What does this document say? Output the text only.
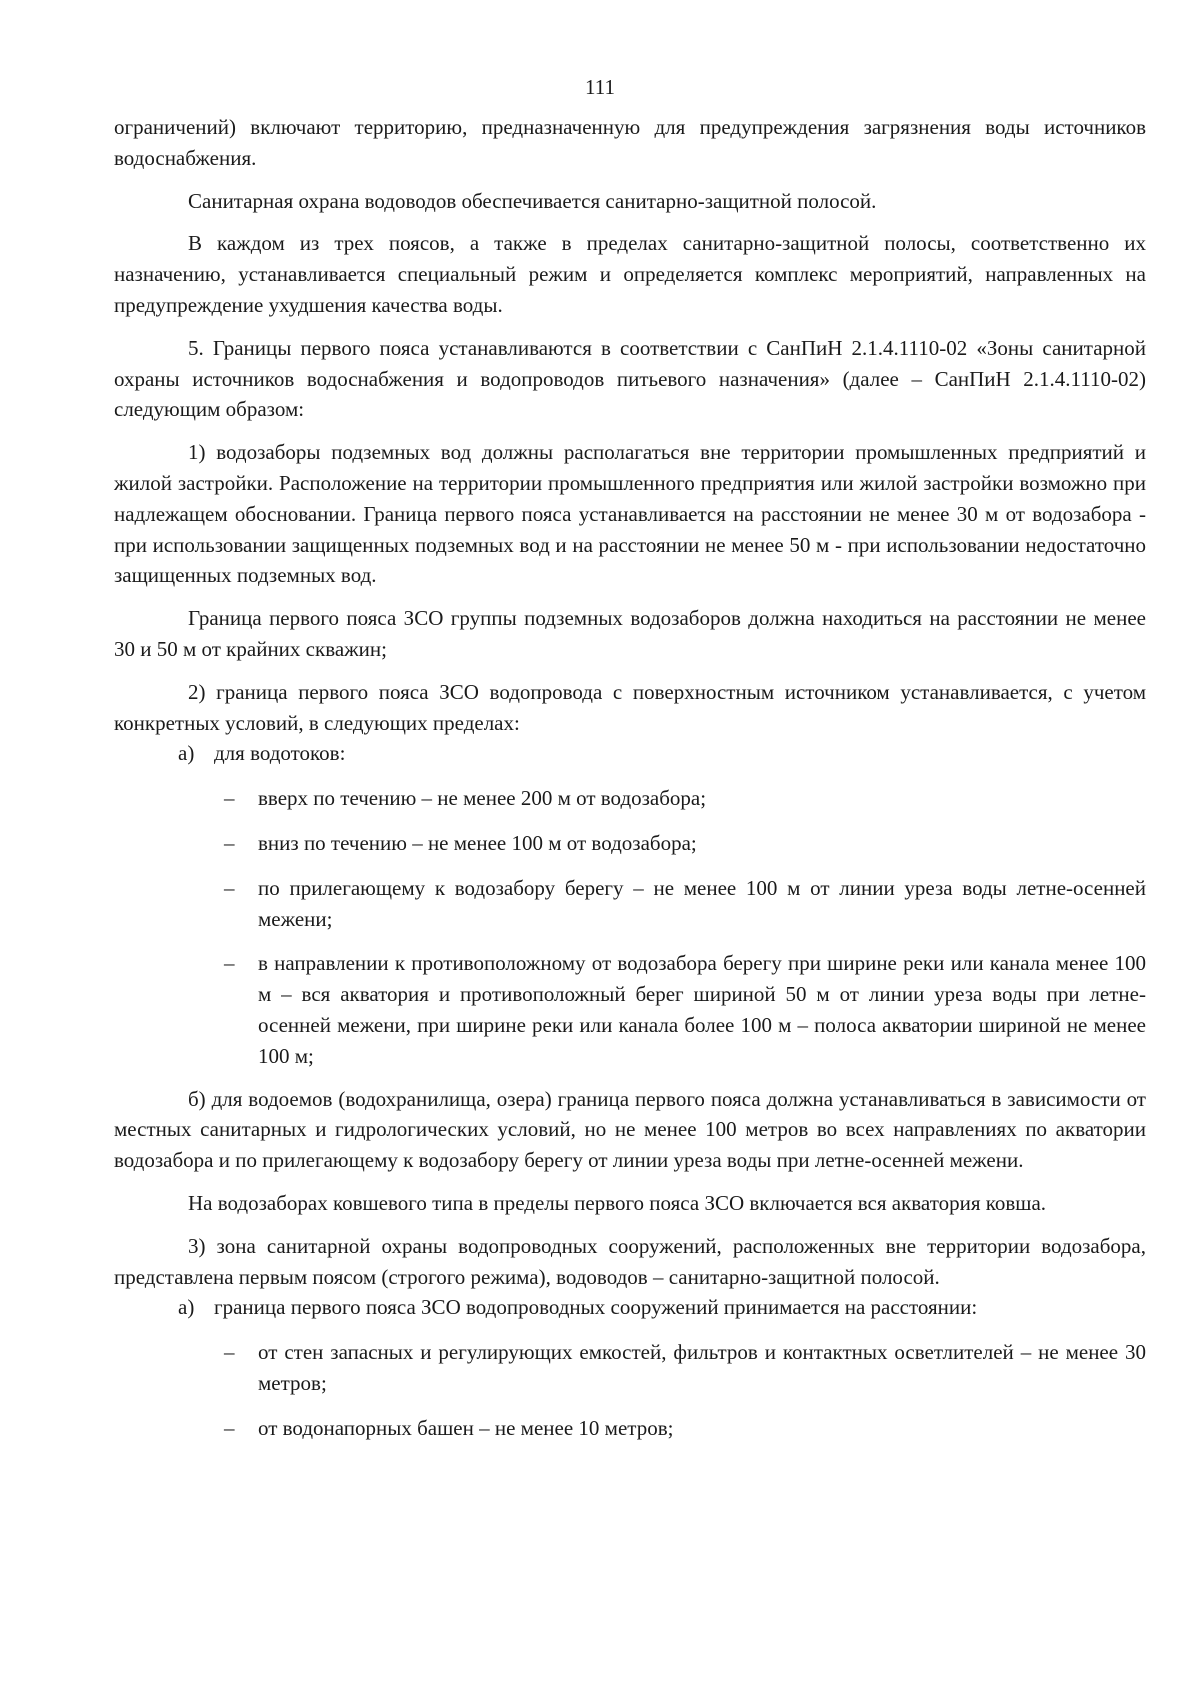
111

ограничений) включают территорию, предназначенную для предупреждения загрязнения воды источников водоснабжения.

Санитарная охрана водоводов обеспечивается санитарно-защитной полосой.

В каждом из трех поясов, а также в пределах санитарно-защитной полосы, соответственно их назначению, устанавливается специальный режим и определяется комплекс мероприятий, направленных на предупреждение ухудшения качества воды.

5. Границы первого пояса устанавливаются в соответствии с СанПиН 2.1.4.1110-02 «Зоны санитарной охраны источников водоснабжения и водопроводов питьевого назначения» (далее – СанПиН 2.1.4.1110-02) следующим образом:

1) водозаборы подземных вод должны располагаться вне территории промышленных предприятий и жилой застройки. Расположение на территории промышленного предприятия или жилой застройки возможно при надлежащем обосновании. Граница первого пояса устанавливается на расстоянии не менее 30 м от водозабора - при использовании защищенных подземных вод и на расстоянии не менее 50 м - при использовании недостаточно защищенных подземных вод.

Граница первого пояса ЗСО группы подземных водозаборов должна находиться на расстоянии не менее 30 и 50 м от крайних скважин;

2) граница первого пояса ЗСО водопровода с поверхностным источником устанавливается, с учетом конкретных условий, в следующих пределах:

а) для водотоков:
–	вверх по течению – не менее 200 м от водозабора;
–	вниз по течению – не менее 100 м от водозабора;
–	по прилегающему к водозабору берегу – не менее 100 м от линии уреза воды летне-осенней межени;
–	в направлении к противоположному от водозабора берегу при ширине реки или канала менее 100 м – вся акватория и противоположный берег шириной 50 м от линии уреза воды при летне-осенней межени, при ширине реки или канала более 100 м – полоса акватории шириной не менее 100 м;

б) для водоемов (водохранилища, озера) граница первого пояса должна устанавливаться в зависимости от местных санитарных и гидрологических условий, но не менее 100 метров во всех направлениях по акватории водозабора и по прилегающему к водозабору берегу от линии уреза воды при летне-осенней межени.

На водозаборах ковшевого типа в пределы первого пояса ЗСО включается вся акватория ковша.

3) зона санитарной охраны водопроводных сооружений, расположенных вне территории водозабора, представлена первым поясом (строгого режима), водоводов – санитарно-защитной полосой.

а) граница первого пояса ЗСО водопроводных сооружений принимается на расстоянии:
–	от стен запасных и регулирующих емкостей, фильтров и контактных осветлителей – не менее 30 метров;
–	от водонапорных башен – не менее 10 метров;
